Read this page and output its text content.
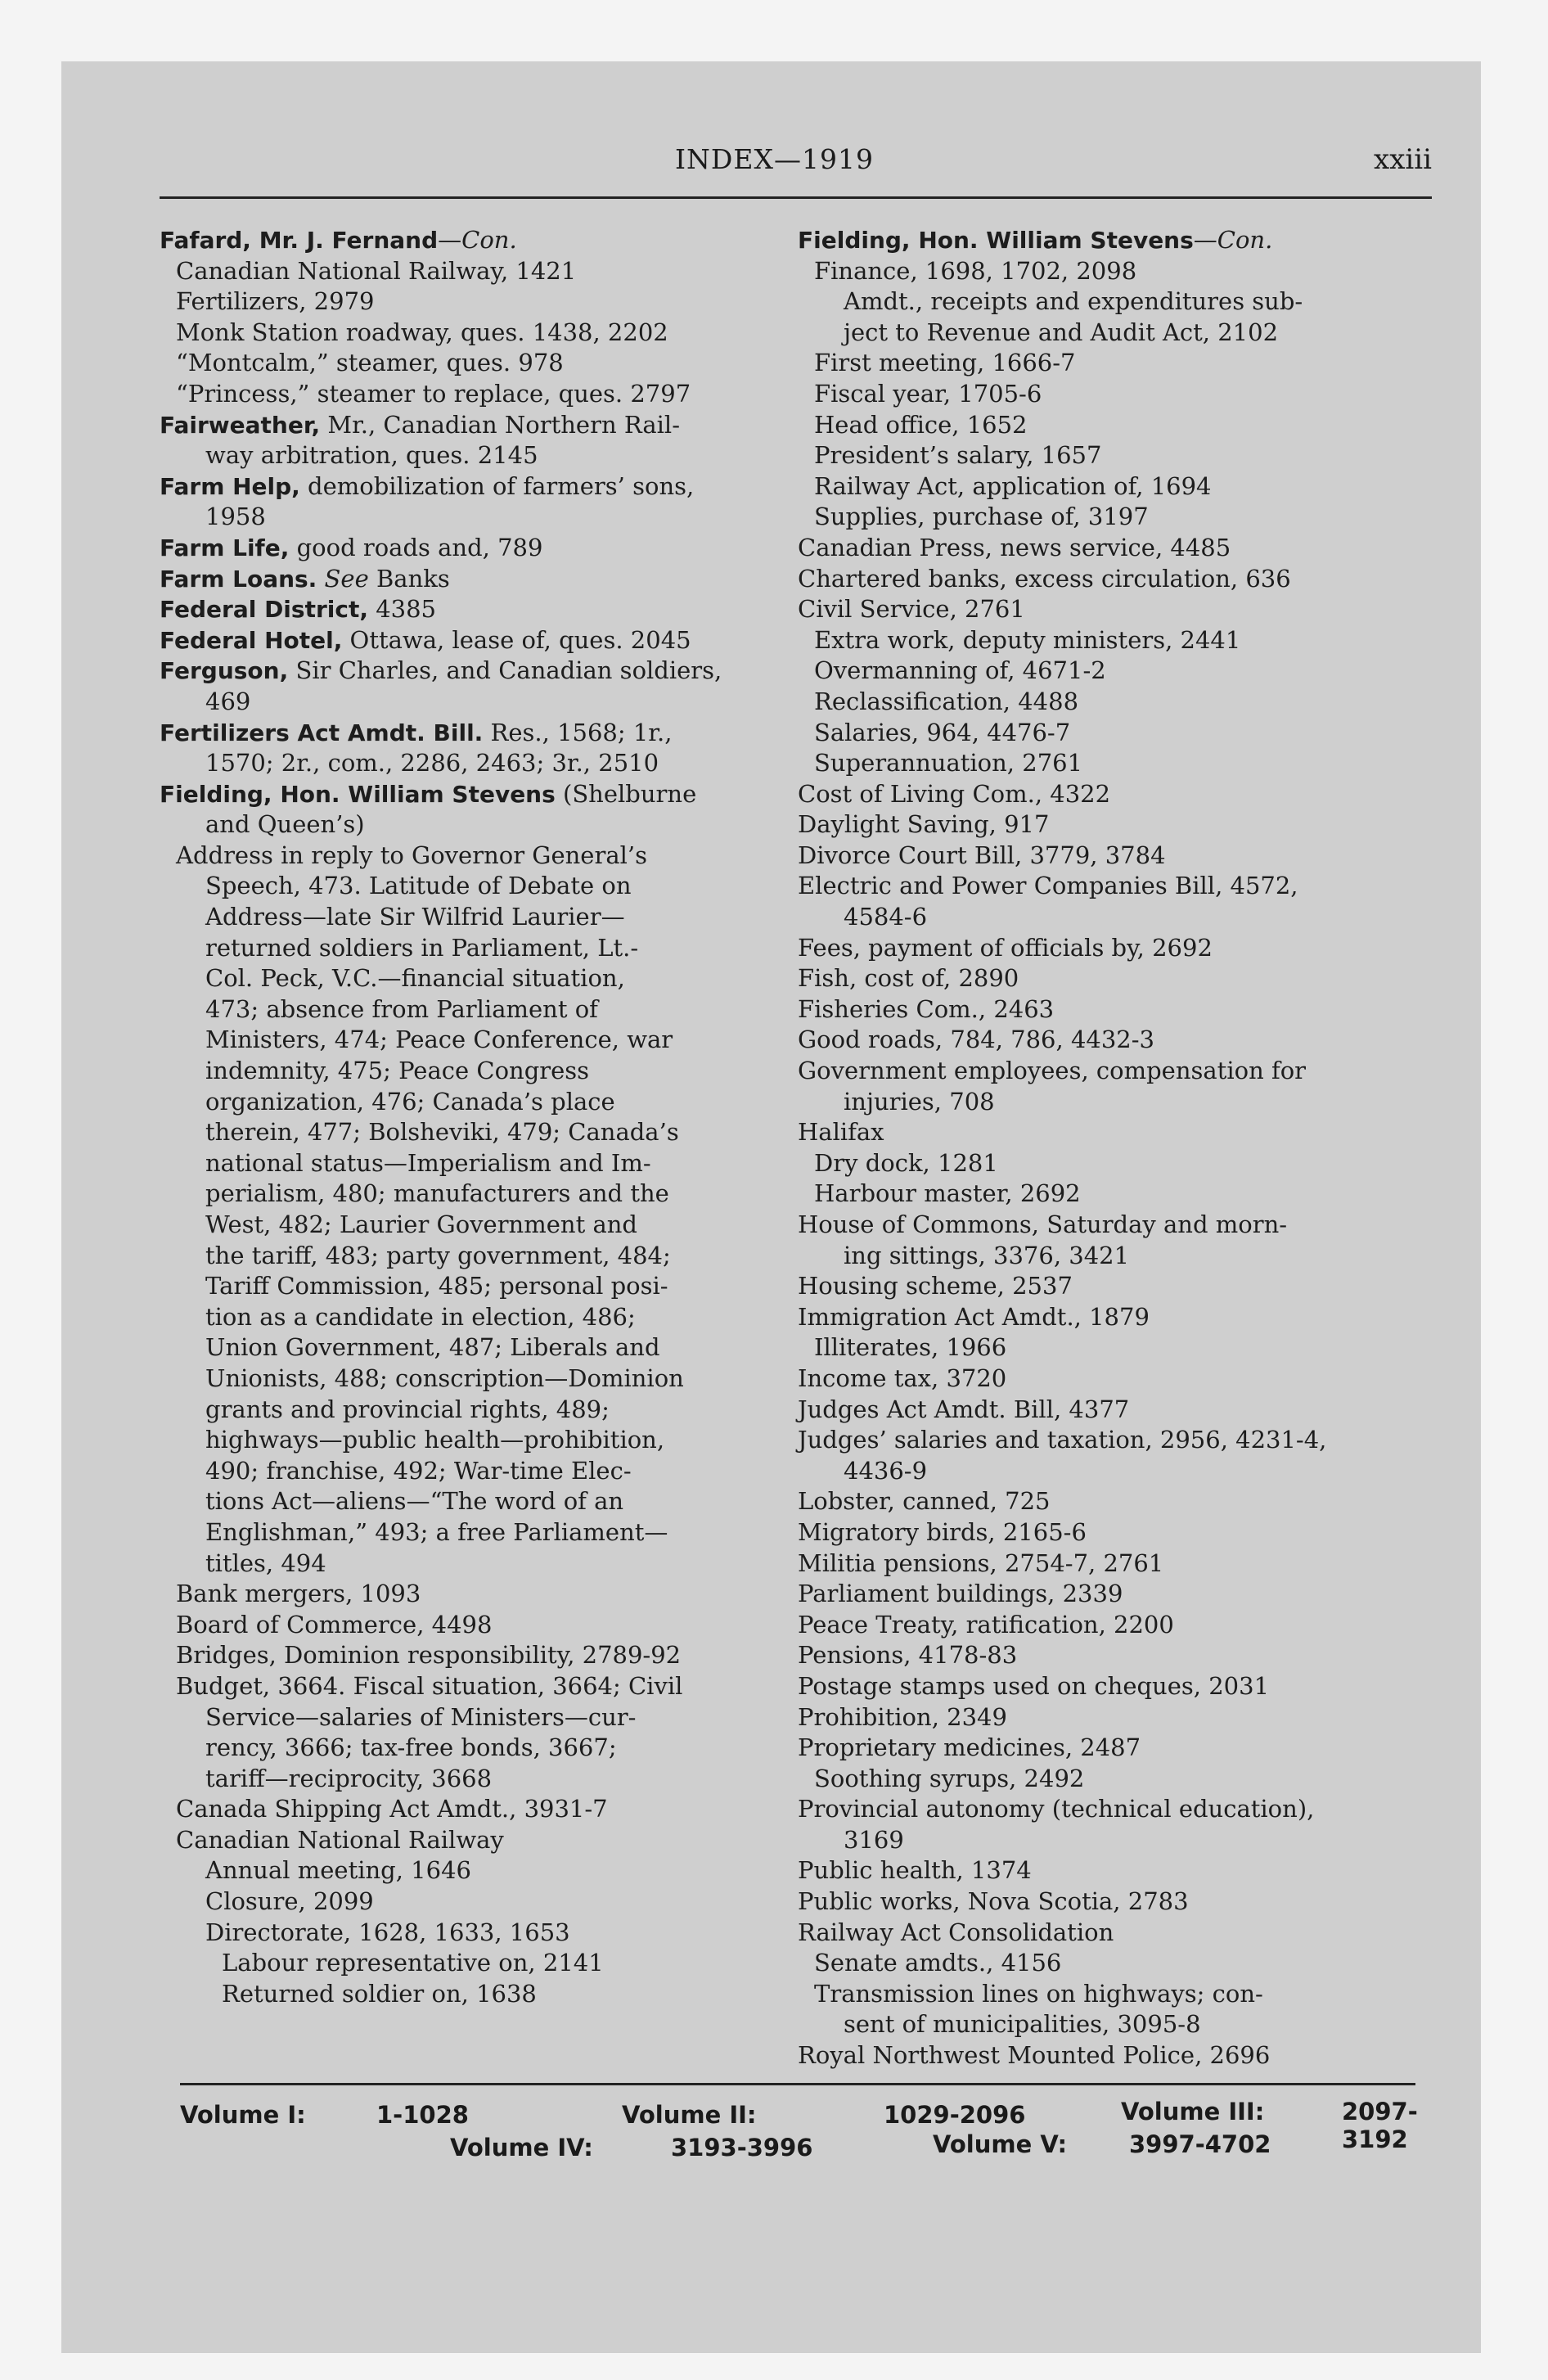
INDEX—1919	xxiii
Fafard, Mr. J. Fernand—Con.
Canadian National Railway, 1421
Fertilizers, 2979
Monk Station roadway, ques. 1438, 2202
“Montcalm,” steamer, ques. 978
“Princess,” steamer to replace, ques. 2797
Fairweather, Mr., Canadian Northern Rail-
way arbitration, ques. 2145
Farm Help, demobilization of farmers’ sons,
1958
Farm Life, good roads and, 789
Farm Loans. See Banks
Federal District, 4385
Federal Hotel, Ottawa, lease of, ques. 2045
Ferguson, Sir Charles, and Canadian soldiers,
469
Fertilizers Act Amdt. Bill. Res., 1568; 1r.,
1570; 2r., com., 2286, 2463; 3r., 2510
Fielding, Hon. William Stevens (Shelburne
and Queen’s)
Address in reply to Governor General’s
Speech, 473. Latitude of Debate on
Address—late Sir Wilfrid Laurier—
returned soldiers in Parliament, Lt.-
Col. Peck, V.C.—financial situation,
473; absence from Parliament of
Ministers, 474; Peace Conference, war
indemnity, 475; Peace Congress
organization, 476; Canada’s place
therein, 477; Bolsheviki, 479; Canada’s
national status—Imperialism and Im-
perialism, 480; manufacturers and the
West, 482; Laurier Government and
the tariff, 483; party government, 484;
Tariff Commission, 485; personal posi-
tion as a candidate in election, 486;
Union Government, 487; Liberals and
Unionists, 488; conscription—Dominion
grants and provincial rights, 489;
highways—public health—prohibition,
490; franchise, 492; War-time Elec-
tions Act—aliens—“The word of an
Englishman,” 493; a free Parliament—
titles, 494
Bank mergers, 1093
Board of Commerce, 4498
Bridges, Dominion responsibility, 2789-92
Budget, 3664. Fiscal situation, 3664; Civil
Service—salaries of Ministers—cur-
rency, 3666; tax-free bonds, 3667;
tariff—reciprocity, 3668
Canada Shipping Act Amdt., 3931-7
Canadian National Railway
Annual meeting, 1646
Closure, 2099
Directorate, 1628, 1633, 1653
Labour representative on, 2141
Returned soldier on, 1638
Fielding, Hon. William Stevens—Con.
Finance, 1698, 1702, 2098
Amdt., receipts and expenditures sub-
ject to Revenue and Audit Act, 2102
First meeting, 1666-7
Fiscal year, 1705-6
Head office, 1652
President’s salary, 1657
Railway Act, application of, 1694
Supplies, purchase of, 3197
Canadian Press, news service, 4485
Chartered banks, excess circulation, 636
Civil Service, 2761
Extra work, deputy ministers, 2441
Overmanning of, 4671-2
Reclassification, 4488
Salaries, 964, 4476-7
Superannuation, 2761
Cost of Living Com., 4322
Daylight Saving, 917
Divorce Court Bill, 3779, 3784
Electric and Power Companies Bill, 4572,
4584-6
Fees, payment of officials by, 2692
Fish, cost of, 2890
Fisheries Com., 2463
Good roads, 784, 786, 4432-3
Government employees, compensation for
injuries, 708
Halifax
Dry dock, 1281
Harbour master, 2692
House of Commons, Saturday and morn-
ing sittings, 3376, 3421
Housing scheme, 2537
Immigration Act Amdt., 1879
Illiterates, 1966
Income tax, 3720
Judges Act Amdt. Bill, 4377
Judges’ salaries and taxation, 2956, 4231-4,
4436-9
Lobster, canned, 725
Migratory birds, 2165-6
Militia pensions, 2754-7, 2761
Parliament buildings, 2339
Peace Treaty, ratification, 2200
Pensions, 4178-83
Postage stamps used on cheques, 2031
Prohibition, 2349
Proprietary medicines, 2487
Soothing syrups, 2492
Provincial autonomy (technical education),
3169
Public health, 1374
Public works, Nova Scotia, 2783
Railway Act Consolidation
Senate amdts., 4156
Transmission lines on highways; con-
sent of municipalities, 3095-8
Royal Northwest Mounted Police, 2696
Volume I:	1-1028	Volume II:	1029-2096	Volume III:	2097-3192
Volume IV:	3193-3996	Volume V:	3997-4702
